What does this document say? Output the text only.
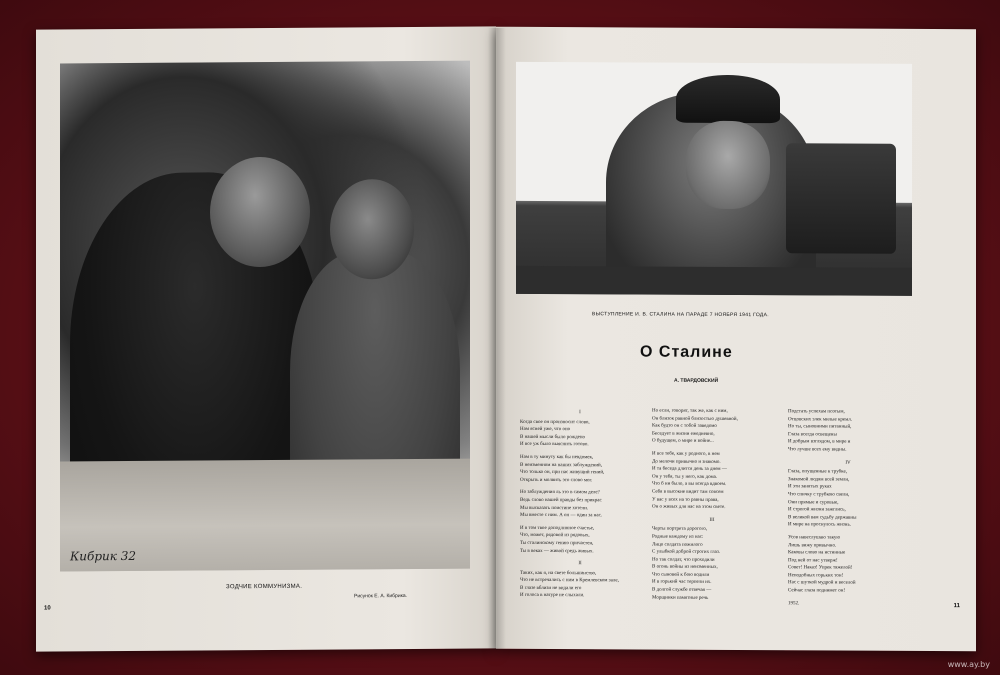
Кибрик 32
ЗОДЧИЕ КОММУНИЗМА.
Рисунок Е. А. Кибрика.
10
ВЫСТУПЛЕНИЕ И. В. СТАЛИНА НА ПАРАДЕ 7 НОЯБРЯ 1941 ГОДА.
О Сталине
А. ТВАРДОВСКИЙ
I
Когда свое он произносит слово,
Нам ясней уже, что оно
В нашей мысли было рождено
И все уж было выяснить готово.
Нам в ту минуту как бы невдомек,
В неизменном на наших заблуждений,
Что только он, при нас живущий гений,
Открыть и молвить это слово мог.
Но заблуждения ль это в самом деле?
Ведь слово нашей правды без прикрас
Мы высказать поистине хотели.
Мы вместе с ним. А он — один за нас.
И в том твое доподлинное счастье,
Что, может, рядовой из рядовых,
Ты сталинскому гению причастен,
Ты в веках — живой средь живых.
II
Таких, как я, на свете большинство,
Что не встречались с ним в Кремлевском зале,
В глазе вблизи не видали его
И голоса в натуре не слыхали.
Но если, говорят, так же, как с ним,
Он близок равной близостью душевной,
Как будто он с тобой заведомо
Беседует в жизни ежедневно,
О будущем, о мире и войне...
И все тебе, как у родного, в нем
До мелочи привычно и знакомо.
И та беседа длится день за днем —
Он у тебя, ты у него, как дома.
Что б ни было, а вы всегда вдвоем.
Себя в высокие видит там совсем
У вас у всех на то равны права,
Он о живых для нас на этом свете.
III
Черты портрета дорогого,
Родные каждому из нас:
Лицо солдата пожилого
С улыбкой доброй строгих глаз.
Но так солдат, что проходили
В огонь войны из неизменных,
Что сыновей к бою водили
И в горький час терпели их.
В долгой службе отвечая —
Морщинки памятные речь
Подстать успехам поэтым,
Отцовских элек милые кремл.
Но ты, сыновними питанный,
Глаза всегда освещены
И добрым взглядом, в мире и
Что лучше всех ему видны.
IV
Глаза, опущенные к трубке,
Знакомой людям всей земли,
И эти занятых руках
Что спичку с трубкою свели,
Они прямые и суровые,
И строгой жизни зажглись,
В великой вам судьбу державны
И мире на проснулось жизнь.
Усов навеслушаю такую
Лишь вижу привычно.
Каковы слово на истинные
Под ней от нас утверж!
Совет! Наказ! Упрек тяжелой!
Неподобных горьких тон!
Нас с шуткой мудрой и веселой
Сейчас глаза поднимет он!
1952.	11
www.ay.by
